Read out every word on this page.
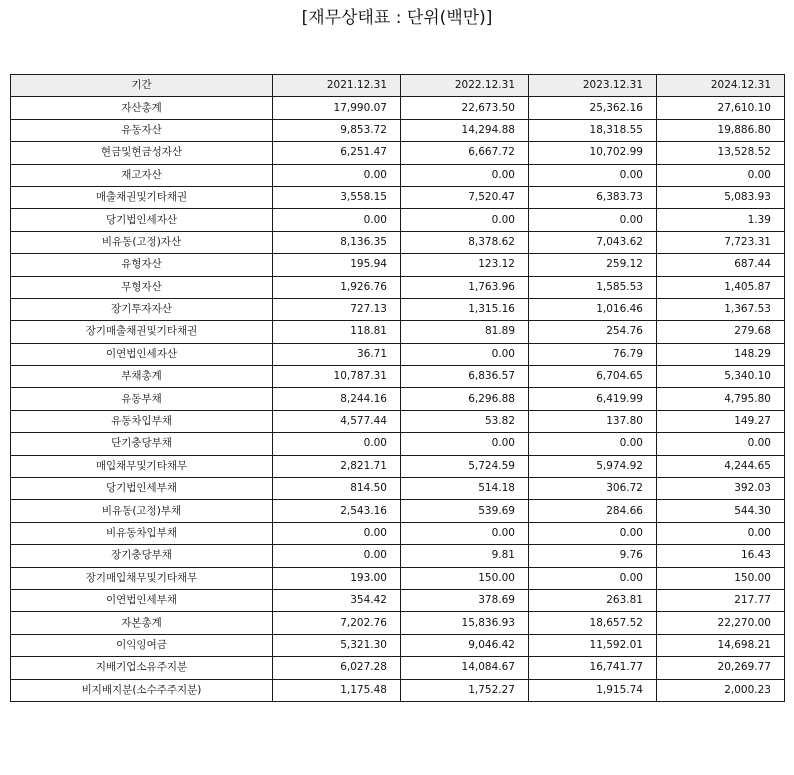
[재무상태표 : 단위(백만)]
기간	2021.12.31	2022.12.31	2023.12.31	2024.12.31
자산총계	17,990.07	22,673.50	25,362.16	27,610.10
유동자산	9,853.72	14,294.88	18,318.55	19,886.80
현금및현금성자산	6,251.47	6,667.72	10,702.99	13,528.52
재고자산	0.00	0.00	0.00	0.00
매출채권및기타채권	3,558.15	7,520.47	6,383.73	5,083.93
당기법인세자산	0.00	0.00	0.00	1.39
비유동(고정)자산	8,136.35	8,378.62	7,043.62	7,723.31
유형자산	195.94	123.12	259.12	687.44
무형자산	1,926.76	1,763.96	1,585.53	1,405.87
장기투자자산	727.13	1,315.16	1,016.46	1,367.53
장기매출채권및기타채권	118.81	81.89	254.76	279.68
이연법인세자산	36.71	0.00	76.79	148.29
부채총계	10,787.31	6,836.57	6,704.65	5,340.10
유동부채	8,244.16	6,296.88	6,419.99	4,795.80
유동차입부채	4,577.44	53.82	137.80	149.27
단기충당부채	0.00	0.00	0.00	0.00
매입채무및기타채무	2,821.71	5,724.59	5,974.92	4,244.65
당기법인세부채	814.50	514.18	306.72	392.03
비유동(고정)부채	2,543.16	539.69	284.66	544.30
비유동차입부채	0.00	0.00	0.00	0.00
장기충당부채	0.00	9.81	9.76	16.43
장기매입채무및기타채무	193.00	150.00	0.00	150.00
이연법인세부채	354.42	378.69	263.81	217.77
자본총계	7,202.76	15,836.93	18,657.52	22,270.00
이익잉여금	5,321.30	9,046.42	11,592.01	14,698.21
지배기업소유주지분	6,027.28	14,084.67	16,741.77	20,269.77
비지배지분(소수주주지분)	1,175.48	1,752.27	1,915.74	2,000.23
